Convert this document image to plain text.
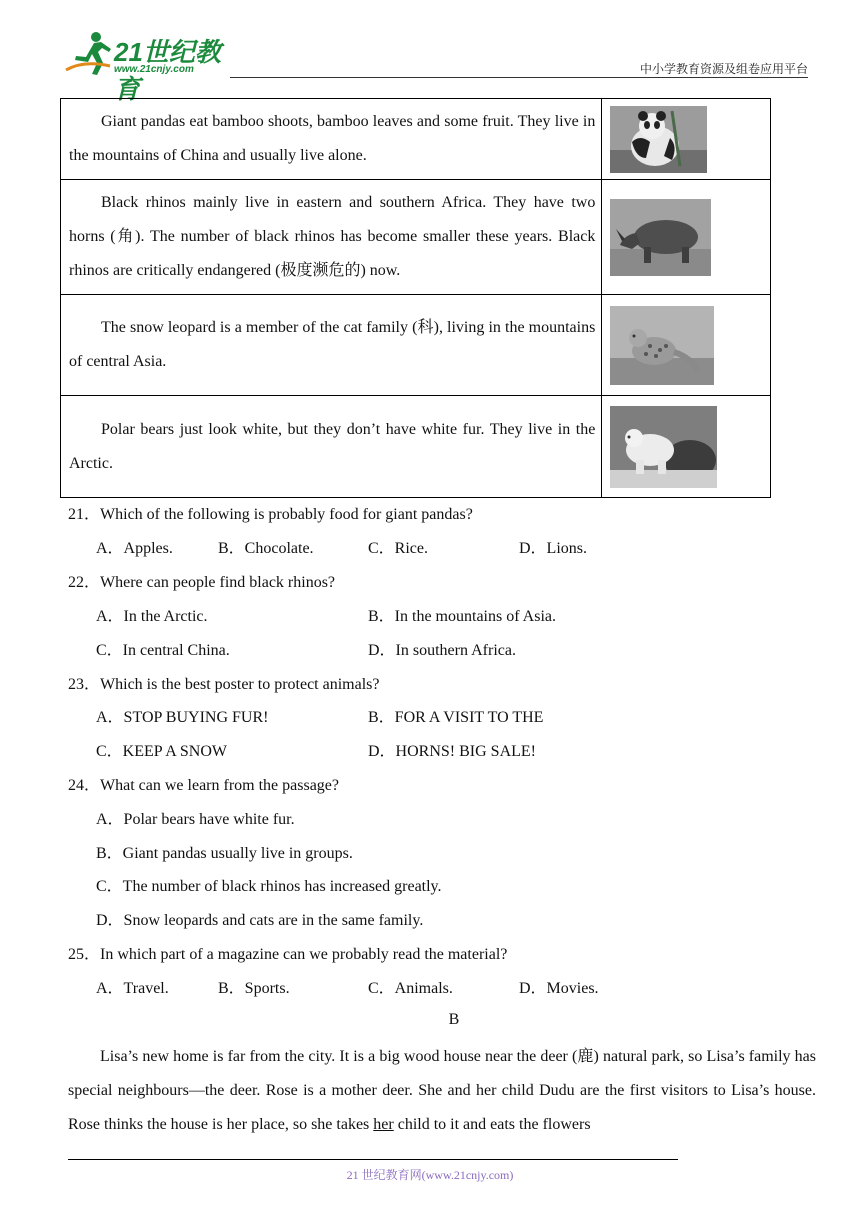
21世纪教育
www.21cnjy.com	中小学教育资源及组卷应用平台

Giant pandas eat bamboo shoots, bamboo leaves and some fruit. They live in the mountains of China and usually live alone.

Black rhinos mainly live in eastern and southern Africa. They have two horns (角). The number of black rhinos has become smaller these years. Black rhinos are critically endangered (极度濒危的) now.

The snow leopard is a member of the cat family (科), living in the mountains of central Asia.

Polar bears just look white, but they don’t have white fur. They live in the Arctic.

21．Which of the following is probably food for giant pandas?
A．Apples.	B．Chocolate.	C．Rice.	D．Lions.
22．Where can people find black rhinos?
A．In the Arctic.	B．In the mountains of Asia.
C．In central China.	D．In southern Africa.
23．Which is the best poster to protect animals?
A．STOP BUYING FUR!	B．FOR A VISIT TO THE
C．KEEP A SNOW	D．HORNS! BIG SALE!
24．What can we learn from the passage?
A．Polar bears have white fur.
B．Giant pandas usually live in groups.
C．The number of black rhinos has increased greatly.
D．Snow leopards and cats are in the same family.
25．In which part of a magazine can we probably read the material?
A．Travel.	B．Sports.	C．Animals.	D．Movies.
B

Lisa’s new home is far from the city. It is a big wood house near the deer (鹿) natural park, so Lisa’s family has special neighbours—the deer. Rose is a mother deer. She and her child Dudu are the first visitors to Lisa’s house. Rose thinks the house is her place, so she takes her child to it and eats the flowers

21 世纪教育网(www.21cnjy.com)
